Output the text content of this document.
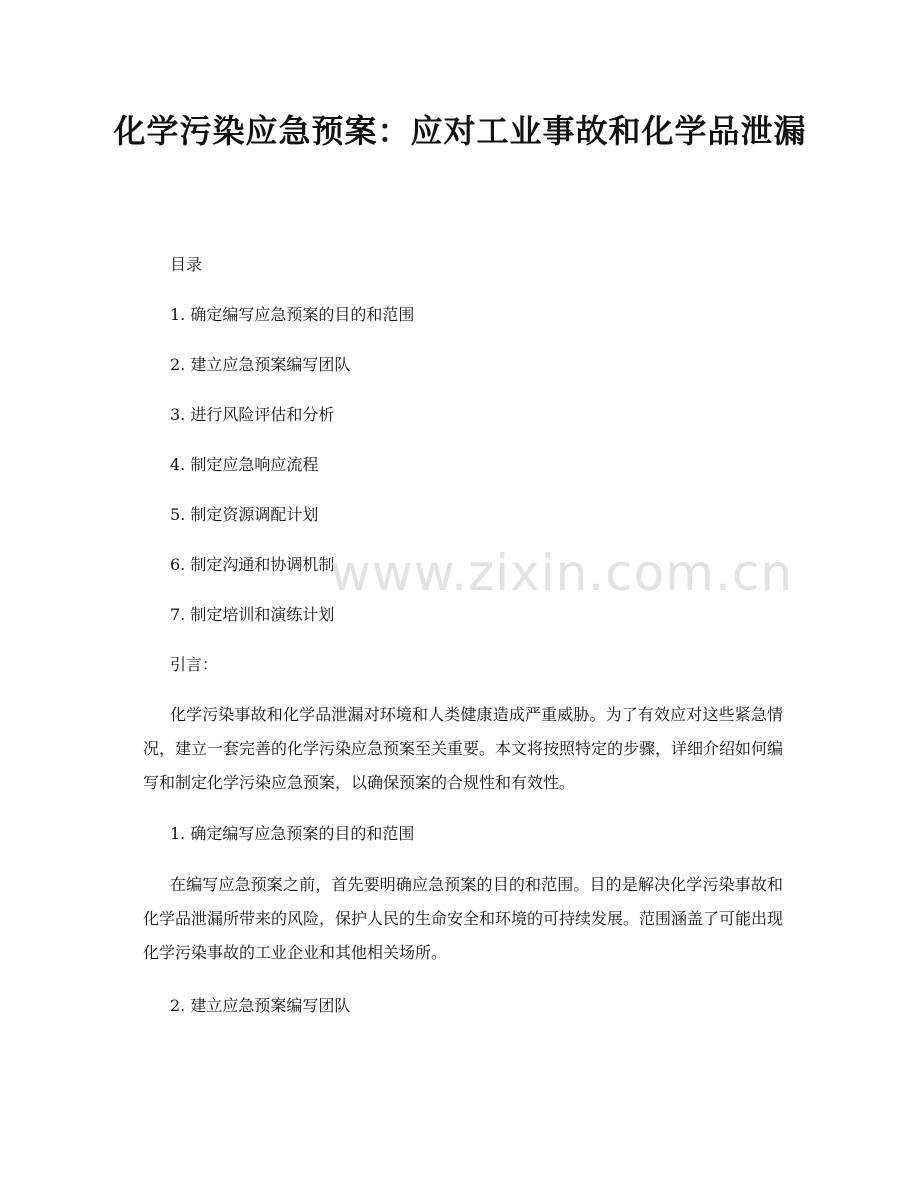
化学污染应急预案：应对工业事故和化学品泄漏

目录

1. 确定编写应急预案的目的和范围

2. 建立应急预案编写团队

3. 进行风险评估和分析

4. 制定应急响应流程

5. 制定资源调配计划

6. 制定沟通和协调机制

7. 制定培训和演练计划

引言：

化学污染事故和化学品泄漏对环境和人类健康造成严重威胁。为了有效应对这些紧急情况，建立一套完善的化学污染应急预案至关重要。本文将按照特定的步骤，详细介绍如何编写和制定化学污染应急预案，以确保预案的合规性和有效性。

1. 确定编写应急预案的目的和范围

在编写应急预案之前，首先要明确应急预案的目的和范围。目的是解决化学污染事故和化学品泄漏所带来的风险，保护人民的生命安全和环境的可持续发展。范围涵盖了可能出现化学污染事故的工业企业和其他相关场所。

2. 建立应急预案编写团队

www.zixin.com.cn
